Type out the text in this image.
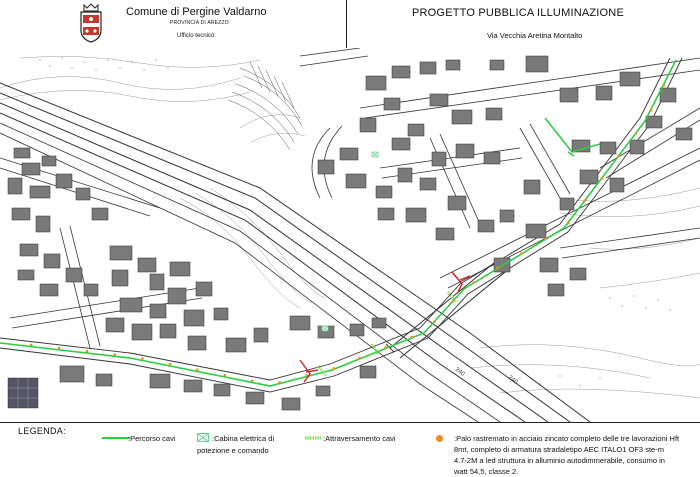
Comune di Pergine Valdarno
PROVINCIA DI AREZZO
Ufficio tecnico
PROGETTO PUBBLICA ILLUMINAZIONE
Via Vecchia Aretina Montalto
240
240
LEGENDA:
:Percorso cavi	:Cabina elettrica di
potezione e comando
:Attraversamento cavi	:Palo rastremato in acciaio zincato completo delle tre lavorazioni Hft
8mt, completo di armatura stradaletipo AEC ITALO1 OF3 ste-m
4.7-2M a led struttura in alluminio autodimmerabile, consumo in
watt 54,5, classe 2.
